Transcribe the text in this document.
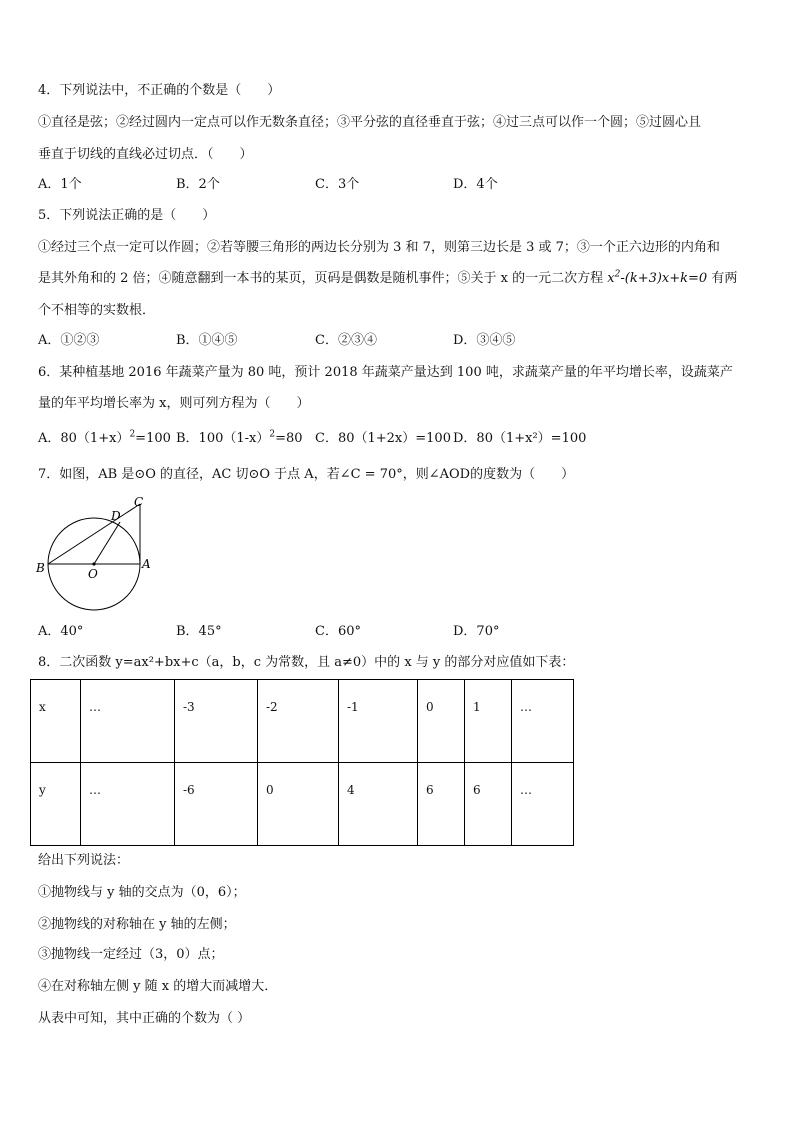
4．下列说法中，不正确的个数是（　　）
①直径是弦；②经过圆内一定点可以作无数条直径；③平分弦的直径垂直于弦；④过三点可以作一个圆；⑤过圆心且
垂直于切线的直线必过切点．（　　）
A．1个	B．2个	C．3个	D．4个
5．下列说法正确的是（　　）
①经过三个点一定可以作圆；②若等腰三角形的两边长分别为 3 和 7，则第三边长是 3 或 7；③一个正六边形的内角和
是其外角和的 2 倍；④随意翻到一本书的某页，页码是偶数是随机事件；⑤关于 x 的一元二次方程 $x^2-(k+3)x+k=0$ 有两
个不相等的实数根．
A．①②③	B．①④⑤	C．②③④	D．③④⑤
6．某种植基地 2016 年蔬菜产量为 80 吨，预计 2018 年蔬菜产量达到 100 吨，求蔬菜产量的年平均增长率，设蔬菜产
量的年平均增长率为 x，则可列方程为（　　）
A．$80(1+x)^2=100$ B．$100(1-x)^2=80$ C．80（1+2x）=100 D．80（1+x²）=100
7．如图，AB 是⊙O 的直径，AC 切⊙O 于点 A，若∠C = 70°，则∠AOD的度数为（　　）
B	O
A
C
D
A．40°	B．45°	C．60°	D．70°
8．二次函数 y=ax²+bx+c（a，b，c 为常数，且 a≠0）中的 x 与 y 的部分对应值如下表：
x	…	-3	-2	-1	0	1	…
y	…	-6	0	4	6	6	…
给出下列说法：
①抛物线与 y 轴的交点为（0，6）；
②抛物线的对称轴在 y 轴的左侧；
③抛物线一定经过（3，0）点；
④在对称轴左侧 y 随 x 的增大而减增大．
从表中可知，其中正确的个数为（ ）
